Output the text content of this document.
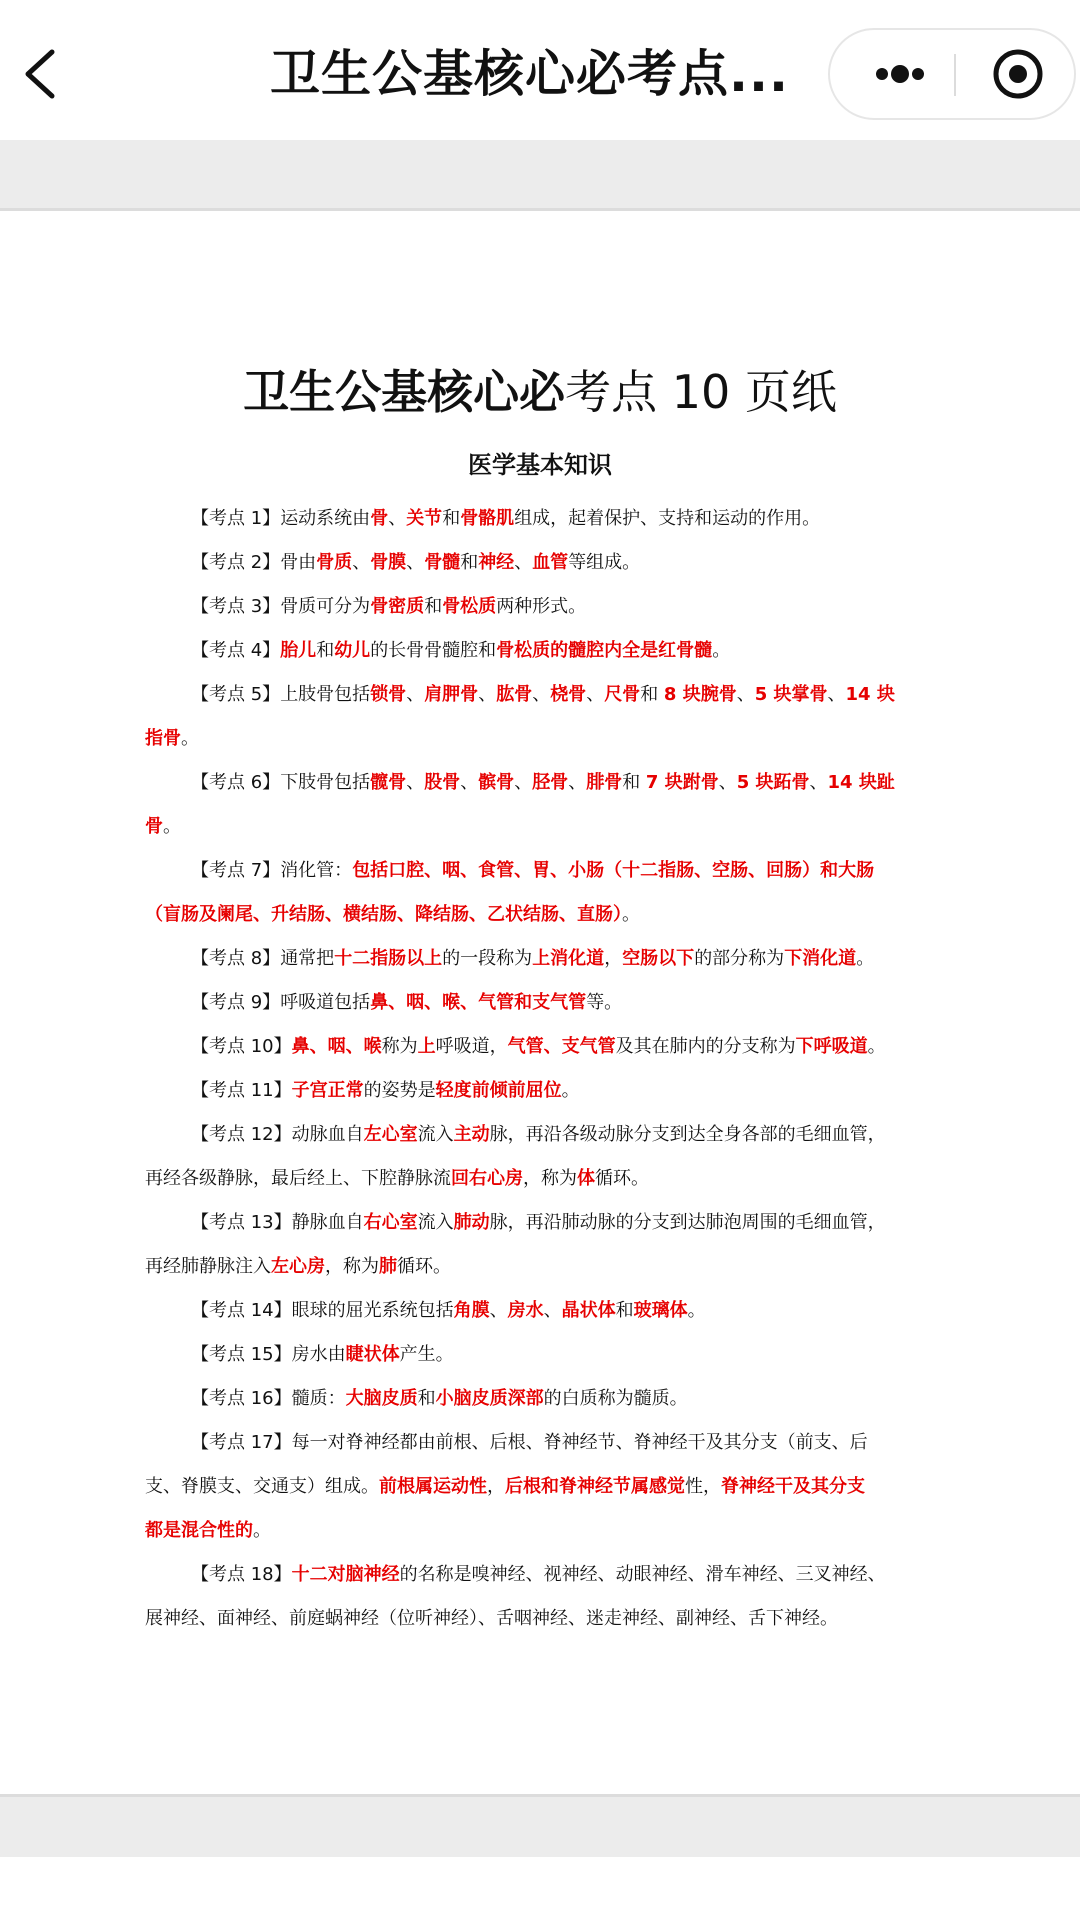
卫生公基核心必考点...
卫生公基核心必考点 10 页纸
医学基本知识
【考点 1】运动系统由骨、关节和骨骼肌组成，起着保护、支持和运动的作用。
【考点 2】骨由骨质、骨膜、骨髓和神经、血管等组成。
【考点 3】骨质可分为骨密质和骨松质两种形式。
【考点 4】胎儿和幼儿的长骨骨髓腔和骨松质的髓腔内全是红骨髓。
【考点 5】上肢骨包括锁骨、肩胛骨、肱骨、桡骨、尺骨和 8 块腕骨、5 块掌骨、14 块
指骨。
【考点 6】下肢骨包括髋骨、股骨、髌骨、胫骨、腓骨和 7 块跗骨、5 块跖骨、14 块趾
骨。
【考点 7】消化管：包括口腔、咽、食管、胃、小肠（十二指肠、空肠、回肠）和大肠
（盲肠及阑尾、升结肠、横结肠、降结肠、乙状结肠、直肠）。
【考点 8】通常把十二指肠以上的一段称为上消化道，空肠以下的部分称为下消化道。
【考点 9】呼吸道包括鼻、咽、喉、气管和支气管等。
【考点 10】鼻、咽、喉称为上呼吸道，气管、支气管及其在肺内的分支称为下呼吸道。
【考点 11】子宫正常的姿势是轻度前倾前屈位。
【考点 12】动脉血自左心室流入主动脉，再沿各级动脉分支到达全身各部的毛细血管，
再经各级静脉，最后经上、下腔静脉流回右心房，称为体循环。
【考点 13】静脉血自右心室流入肺动脉，再沿肺动脉的分支到达肺泡周围的毛细血管，
再经肺静脉注入左心房，称为肺循环。
【考点 14】眼球的屈光系统包括角膜、房水、晶状体和玻璃体。
【考点 15】房水由睫状体产生。
【考点 16】髓质：大脑皮质和小脑皮质深部的白质称为髓质。
【考点 17】每一对脊神经都由前根、后根、脊神经节、脊神经干及其分支（前支、后
支、脊膜支、交通支）组成。前根属运动性，后根和脊神经节属感觉性，脊神经干及其分支
都是混合性的。
【考点 18】十二对脑神经的名称是嗅神经、视神经、动眼神经、滑车神经、三叉神经、
展神经、面神经、前庭蜗神经（位听神经）、舌咽神经、迷走神经、副神经、舌下神经。
